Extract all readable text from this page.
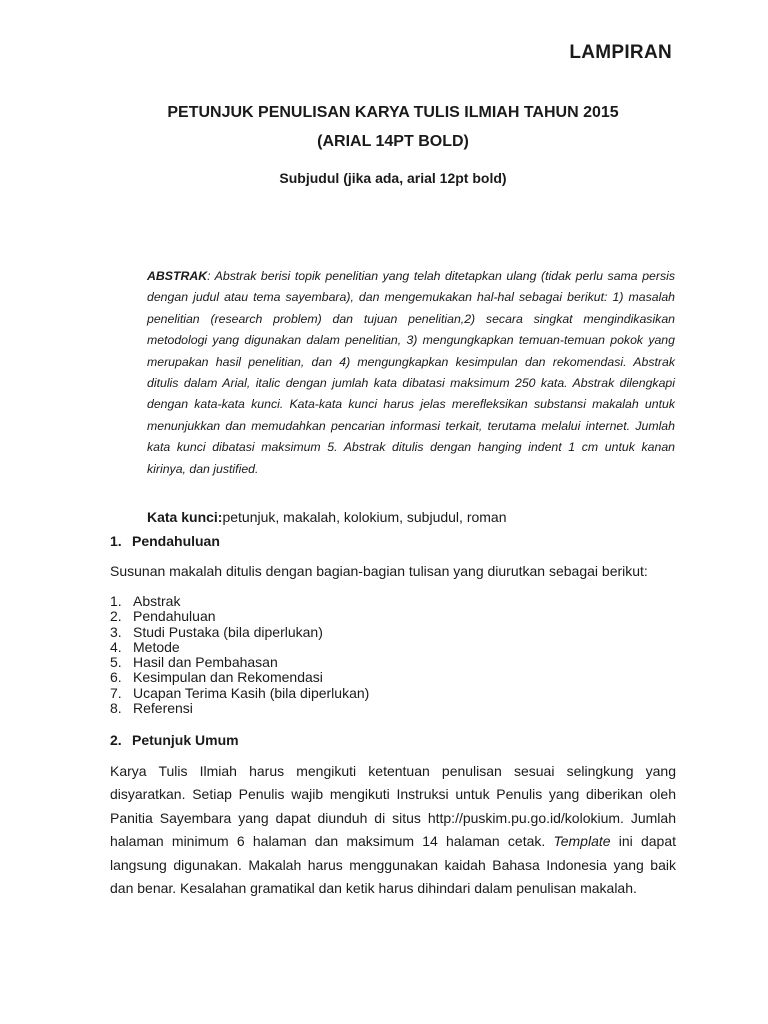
LAMPIRAN
PETUNJUK PENULISAN KARYA TULIS ILMIAH TAHUN 2015
(ARIAL 14PT BOLD)
Subjudul (jika ada, arial 12pt bold)
ABSTRAK: Abstrak berisi topik penelitian yang telah ditetapkan ulang (tidak perlu sama persis dengan judul atau tema sayembara), dan mengemukakan hal-hal sebagai berikut: 1) masalah penelitian (research problem) dan tujuan penelitian,2) secara singkat mengindikasikan metodologi yang digunakan dalam penelitian, 3) mengungkapkan temuan-temuan pokok yang merupakan hasil penelitian, dan 4) mengungkapkan kesimpulan dan rekomendasi. Abstrak ditulis dalam Arial, italic dengan jumlah kata dibatasi maksimum 250 kata. Abstrak dilengkapi dengan kata-kata kunci. Kata-kata kunci harus jelas merefleksikan substansi makalah untuk menunjukkan dan memudahkan pencarian informasi terkait, terutama melalui internet. Jumlah kata kunci dibatasi maksimum 5. Abstrak ditulis dengan hanging indent 1 cm untuk kanan kirinya, dan justified.
Kata kunci:petunjuk, makalah, kolokium, subjudul, roman
1. Pendahuluan
Susunan makalah ditulis dengan bagian-bagian tulisan yang diurutkan sebagai berikut:
1. Abstrak
2. Pendahuluan
3. Studi Pustaka (bila diperlukan)
4. Metode
5. Hasil dan Pembahasan
6. Kesimpulan dan Rekomendasi
7. Ucapan Terima Kasih (bila diperlukan)
8. Referensi
2. Petunjuk Umum
Karya Tulis Ilmiah harus mengikuti ketentuan penulisan sesuai selingkung yang disyaratkan. Setiap Penulis wajib mengikuti Instruksi untuk Penulis yang diberikan oleh Panitia Sayembara yang dapat diunduh di situs http://puskim.pu.go.id/kolokium. Jumlah halaman minimum 6 halaman dan maksimum 14 halaman cetak. Template ini dapat langsung digunakan. Makalah harus menggunakan kaidah Bahasa Indonesia yang baik dan benar. Kesalahan gramatikal dan ketik harus dihindari dalam penulisan makalah.
